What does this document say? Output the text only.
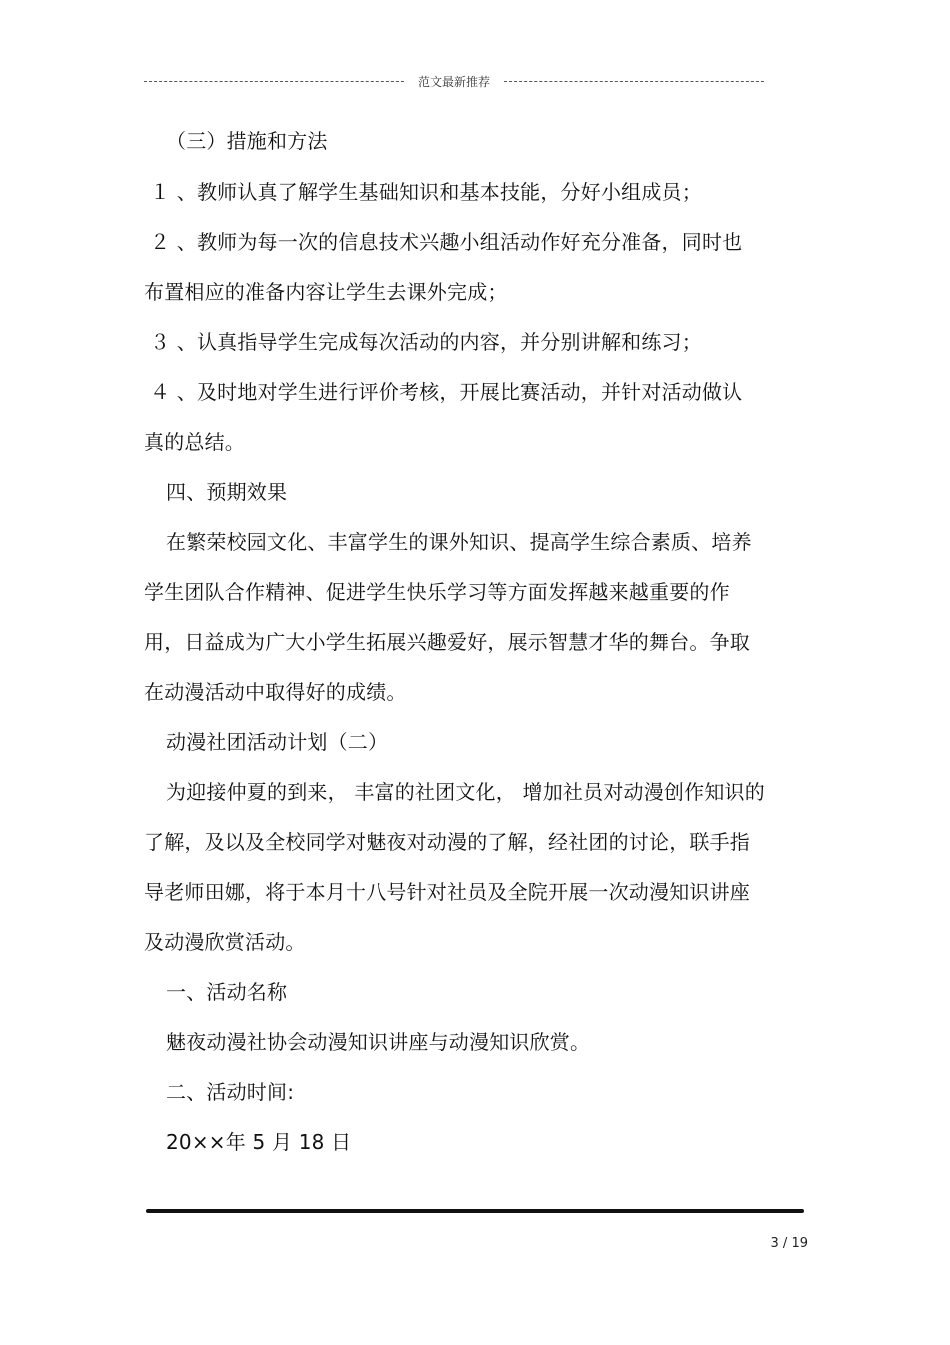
范文最新推荐
（三）措施和方法
１ 、教师认真了解学生基础知识和基本技能，分好小组成员；
２ 、教师为每一次的信息技术兴趣小组活动作好充分准备，同时也
布置相应的准备内容让学生去课外完成；
３ 、认真指导学生完成每次活动的内容，并分别讲解和练习；
４ 、及时地对学生进行评价考核，开展比赛活动，并针对活动做认
真的总结。
四、预期效果
在繁荣校园文化、丰富学生的课外知识、提高学生综合素质、培养
学生团队合作精神、促进学生快乐学习等方面发挥越来越重要的作
用，日益成为广大小学生拓展兴趣爱好，展示智慧才华的舞台。争取
在动漫活动中取得好的成绩。
动漫社团活动计划（二）
为迎接仲夏的到来， 丰富的社团文化， 增加社员对动漫创作知识的
了解，及以及全校同学对魅夜对动漫的了解，经社团的讨论，联手指
导老师田娜，将于本月十八号针对社员及全院开展一次动漫知识讲座
及动漫欣赏活动。
一、活动名称
魅夜动漫社协会动漫知识讲座与动漫知识欣赏。
二、活动时间:
20××年 5 月 18 日
3 / 19
